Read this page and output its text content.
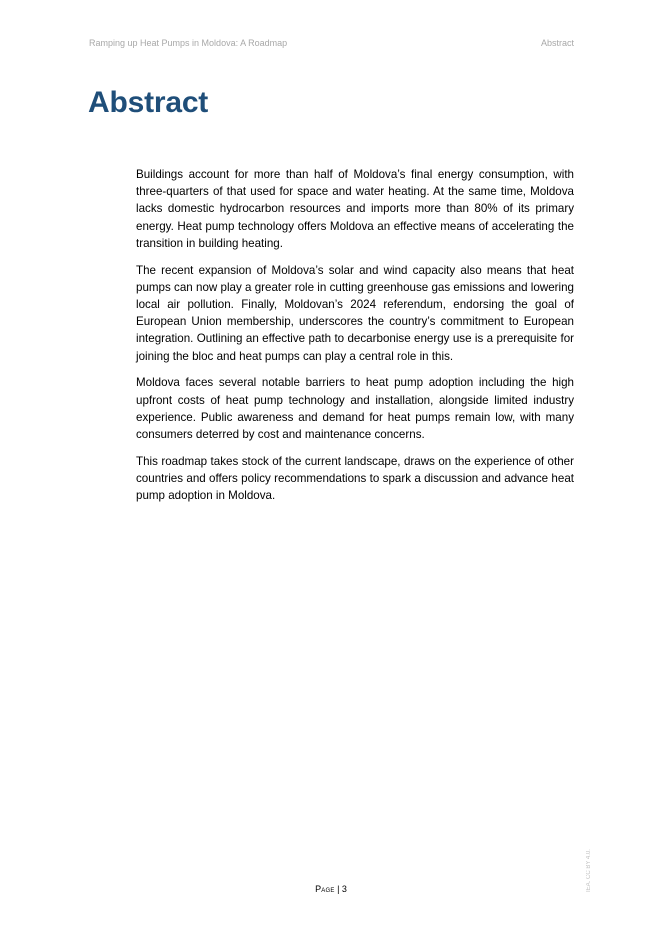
Ramping up Heat Pumps in Moldova: A Roadmap	Abstract
Abstract

Buildings account for more than half of Moldova’s final energy consumption, with three-quarters of that used for space and water heating. At the same time, Moldova lacks domestic hydrocarbon resources and imports more than 80% of its primary energy. Heat pump technology offers Moldova an effective means of accelerating the transition in building heating.

The recent expansion of Moldova’s solar and wind capacity also means that heat pumps can now play a greater role in cutting greenhouse gas emissions and lowering local air pollution. Finally, Moldovan’s 2024 referendum, endorsing the goal of European Union membership, underscores the country’s commitment to European integration. Outlining an effective path to decarbonise energy use is a prerequisite for joining the bloc and heat pumps can play a central role in this.

Moldova faces several notable barriers to heat pump adoption including the high upfront costs of heat pump technology and installation, alongside limited industry experience. Public awareness and demand for heat pumps remain low, with many consumers deterred by cost and maintenance concerns.

This roadmap takes stock of the current landscape, draws on the experience of other countries and offers policy recommendations to spark a discussion and advance heat pump adoption in Moldova.

Page | 3	IEA. CC BY 4.0.
